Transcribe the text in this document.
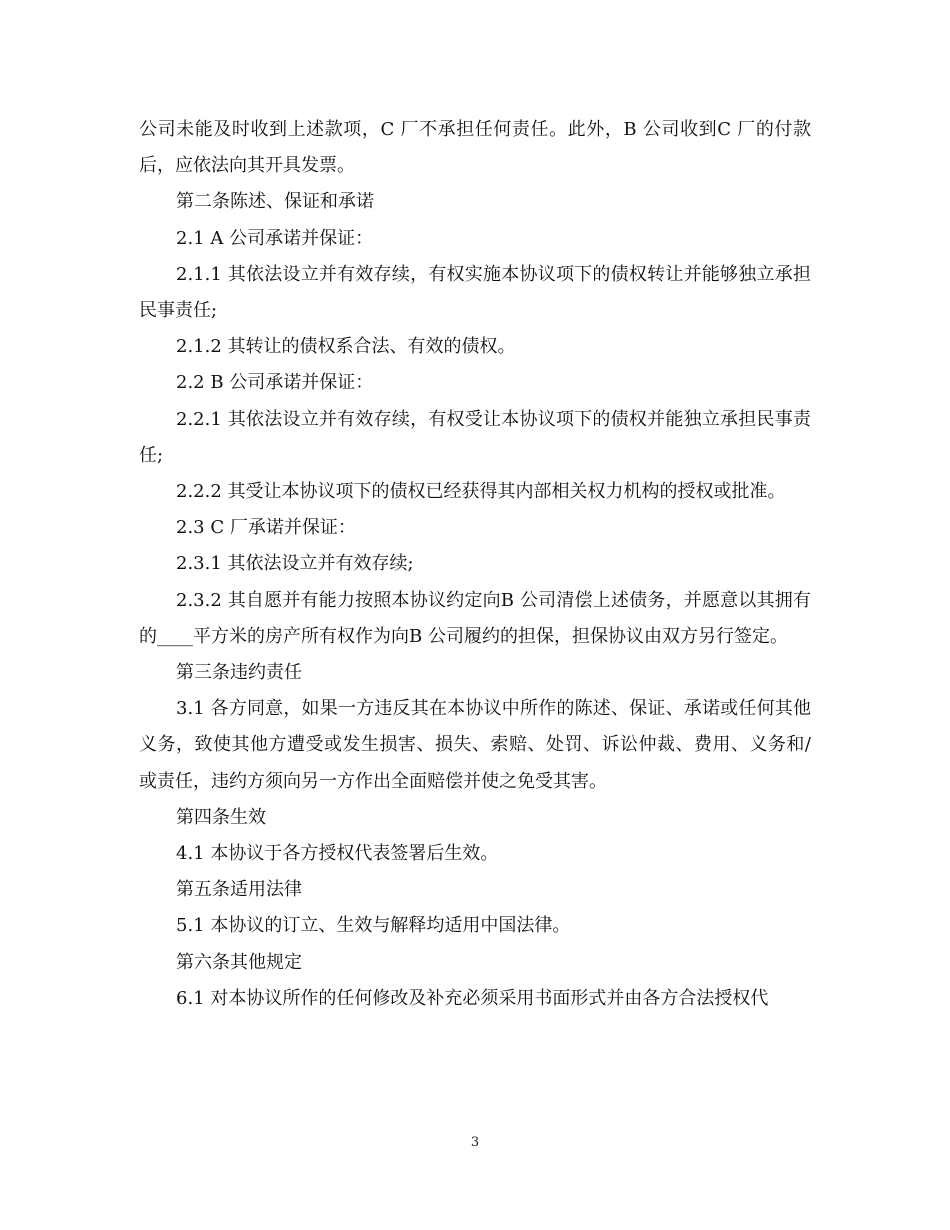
公司未能及时收到上述款项，C 厂不承担任何责任。此外，B 公司收到C 厂的付款后，应依法向其开具发票。

第二条陈述、保证和承诺

2.1 A 公司承诺并保证：

2.1.1 其依法设立并有效存续，有权实施本协议项下的债权转让并能够独立承担民事责任;

2.1.2 其转让的债权系合法、有效的债权。

2.2 B 公司承诺并保证：

2.2.1 其依法设立并有效存续，有权受让本协议项下的债权并能独立承担民事责任;

2.2.2 其受让本协议项下的债权已经获得其内部相关权力机构的授权或批准。

2.3 C 厂承诺并保证：

2.3.1 其依法设立并有效存续;

2.3.2 其自愿并有能力按照本协议约定向B 公司清偿上述债务，并愿意以其拥有的____平方米的房产所有权作为向B 公司履约的担保，担保协议由双方另行签定。

第三条违约责任

3.1 各方同意，如果一方违反其在本协议中所作的陈述、保证、承诺或任何其他义务，致使其他方遭受或发生损害、损失、索赔、处罚、诉讼仲裁、费用、义务和/ 或责任，违约方须向另一方作出全面赔偿并使之免受其害。

第四条生效

4.1 本协议于各方授权代表签署后生效。

第五条适用法律

5.1 本协议的订立、生效与解释均适用中国法律。

第六条其他规定

6.1 对本协议所作的任何修改及补充必须采用书面形式并由各方合法授权代

3
